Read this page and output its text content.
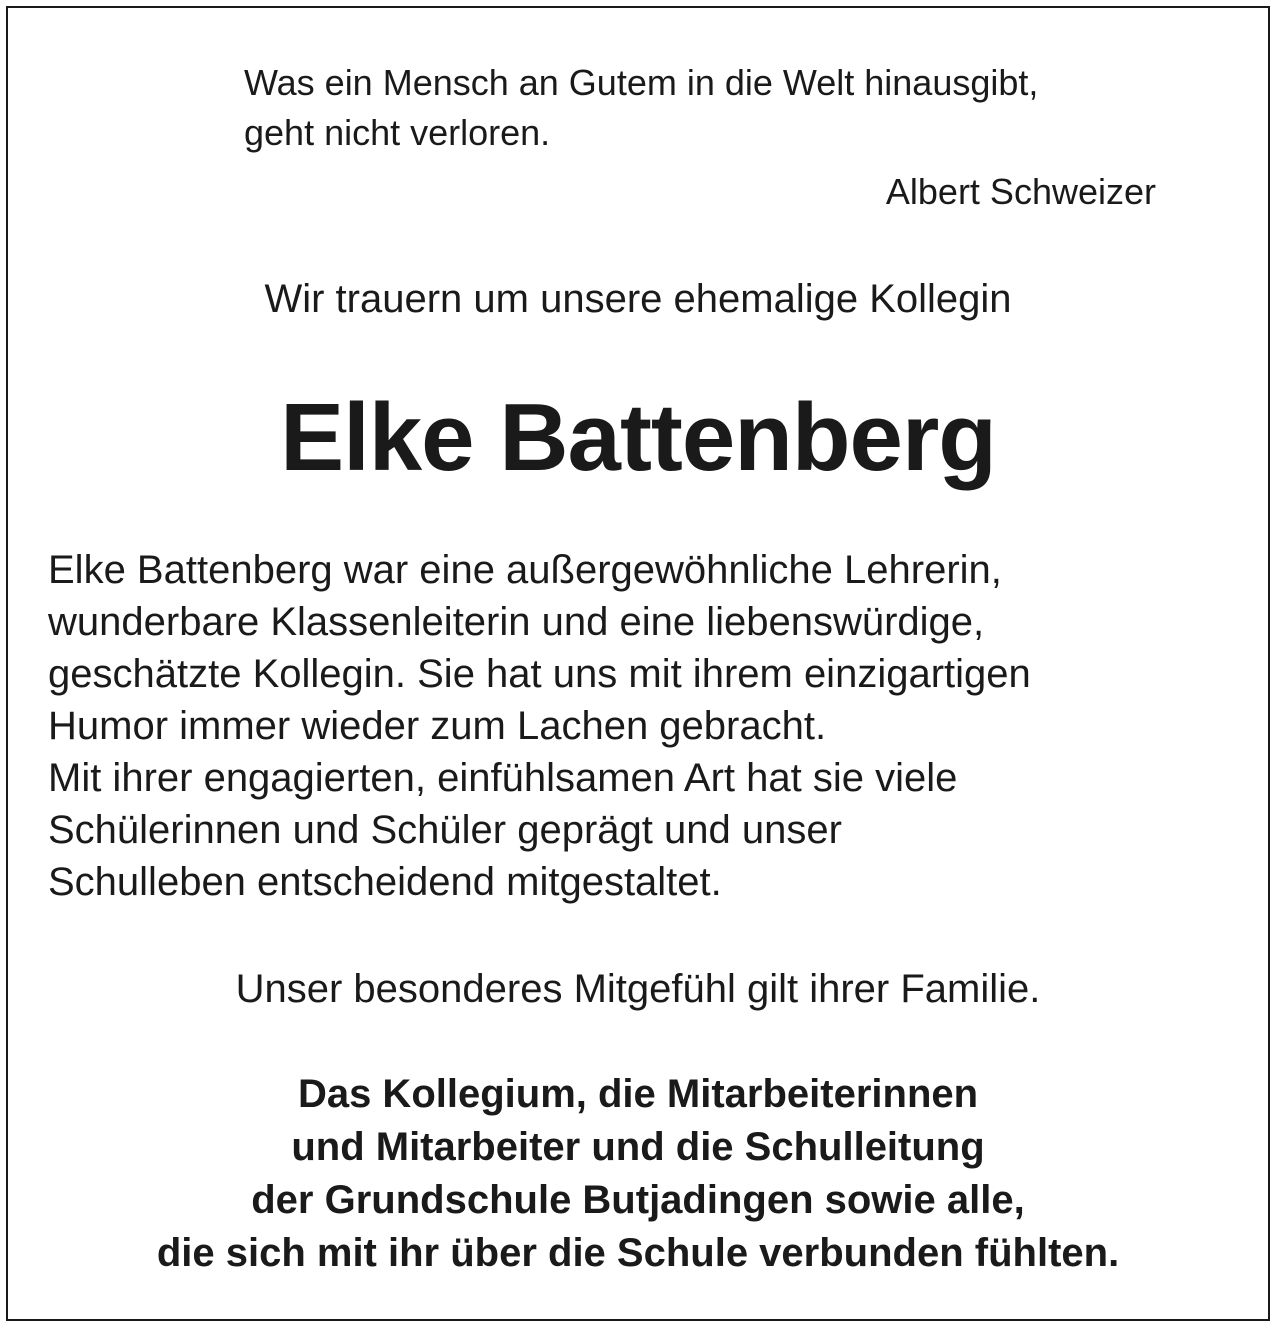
Was ein Mensch an Gutem in die Welt hinausgibt,
geht nicht verloren.

Albert Schweizer

Wir trauern um unsere ehemalige Kollegin

Elke Battenberg

Elke Battenberg war eine außergewöhnliche Lehrerin,
wunderbare Klassenleiterin und eine liebenswürdige,
geschätzte Kollegin. Sie hat uns mit ihrem einzigartigen
Humor immer wieder zum Lachen gebracht.
Mit ihrer engagierten, einfühlsamen Art hat sie viele
Schülerinnen und Schüler geprägt und unser
Schulleben entscheidend mitgestaltet.

Unser besonderes Mitgefühl gilt ihrer Familie.

Das Kollegium, die Mitarbeiterinnen
und Mitarbeiter und die Schulleitung
der Grundschule Butjadingen sowie alle,
die sich mit ihr über die Schule verbunden fühlten.
